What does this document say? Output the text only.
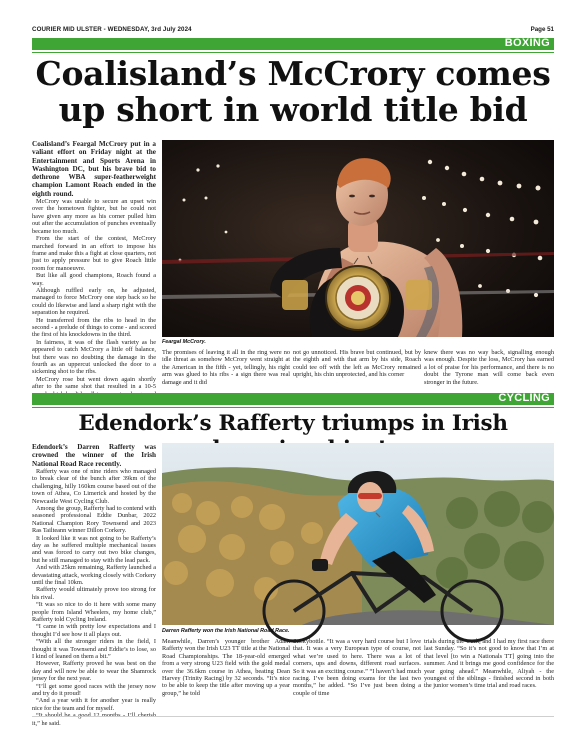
COURIER MID ULSTER - WEDNESDAY, 3rd July 2024	Page 51
BOXING
Coalisland’s McCrory comes
up short in world title bid

Coalisland’s Feargal McCrory put in a valiant effort on Friday night at the Entertainment and Sports Arena in Washington DC, but his brave bid to dethrone WBA super-featherweight champion Lamont Roach ended in the eighth round.

McCrory was unable to secure an upset win over the hometown fighter, but he could not have given any more as his corner pulled him out after the accumulation of punches eventually became too much.

From the start of the contest, McCrory marched forward in an effort to impose his frame and make this a fight at close quarters, not just to apply pressure but to give Roach little room for manoeuvre.

But like all good champions, Roach found a way.

Although ruffled early on, he adjusted, managed to force McCrory one step back so he could do likewise and land a sharp right with the separation he required.

He transferred from the ribs to head in the second - a prelude of things to come - and scored the first of his knockdowns in the third.

In fairness, it was of the flash variety as he appeared to catch McCrory a little off balance, but there was no doubting the damage in the fourth as an uppercut unlocked the door to a sickening shot to the ribs.

McCrory rose but went down again shortly after to the same shot that resulted in a 10-5

Feargal McCrory.

The promises of leaving it all in the ring were no idle threat as somehow McCrory went straight at the American in the fifth - yet, tellingly, his right arm was glued to his ribs - a sign there was real damage and it did

not go unnoticed. His brave but continued, but by the eighth and with that arm by his side, Roach could tee off with the left as McCrory remained upright, his chin unprotected, and his corner

knew there was no way back, signalling enough was enough. Despite the loss, McCrory has earned a lot of praise for his performance, and there is no doubt the Tyrone man will come back even stronger in the future.

CYCLING
Edendork’s Rafferty triumps in Irish

Edendork’s Darren Rafferty was crowned the winner of the Irish National Road Race recently.

Rafferty was one of nine riders who managed to break clear of the bunch after 39km of the challenging, hilly 160km course based out of the town of Athea, Co Limerick and hosted by the Newcastle West Cycling Club.

Among the group, Rafferty had to contend with seasoned professional Eddie Dunbar, 2022 National Champion Rory Townsend and 2023 Ras Tailteann winner Dillon Corkery.

It looked like it was not going to be Rafferty’s day as he suffered multiple mechanical issues and was forced to carry out two bike changes, but he still managed to stay with the lead pack.

And with 25km remaining, Rafferty launched a devastating attack, working closely with Corkery until the final 10km.

Rafferty would ultimately prove too strong for his rival.

“It was so nice to do it here with some many people from Island Wheelers, my home club,” Rafferty told Cycling Ireland.

“I came in with pretty low expectations and I thought I’d see how it all plays out.

“With all the stronger riders in the field, I thought it was Townsend and Eddie’s to lose, so I kind of leaned on them a bit.”

However, Rafferty proved he was best on the day and will now be able to wear the Shamrock jersey for the next year.

“I’ll get some good races with the jersey now and try do it proud!

“And a year with it for another year is really nice for the team and for myself.

it,” he said.

Darren Rafferty won the Irish National Road Race.

Meanwhile, Darren’s younger brother Adam Rafferty won the Irish U23 TT title at the National Road Championships. The 18-year-old emerged from a very strong U23 field with the gold medal over the 36.6km course in Athea, beating Dean Harvey (Trinity Racing) by 32 seconds. “It’s nice to be able to keep the title after moving up a year group,” he told

Stickybottle. “It was a very hard course but I love that. It was a very European type of course, not what we’re used to here. There was a lot of corners, ups and downs, different road surfaces. So it was an exciting course.” “I haven’t had much racing. I’ve been doing exams for the last two months,” he added. “So I’ve just been doing a couple of time

trials during the week, and I had my first race there last Sunday. “So it’s not good to know that I’m at that level [to win a Nationals TT] going into the summer. And it brings me good confidence for the year going ahead.” Meanwhile, Aliyah - the youngest of the siblings - finished second in both the junior women’s time trial and road races.
